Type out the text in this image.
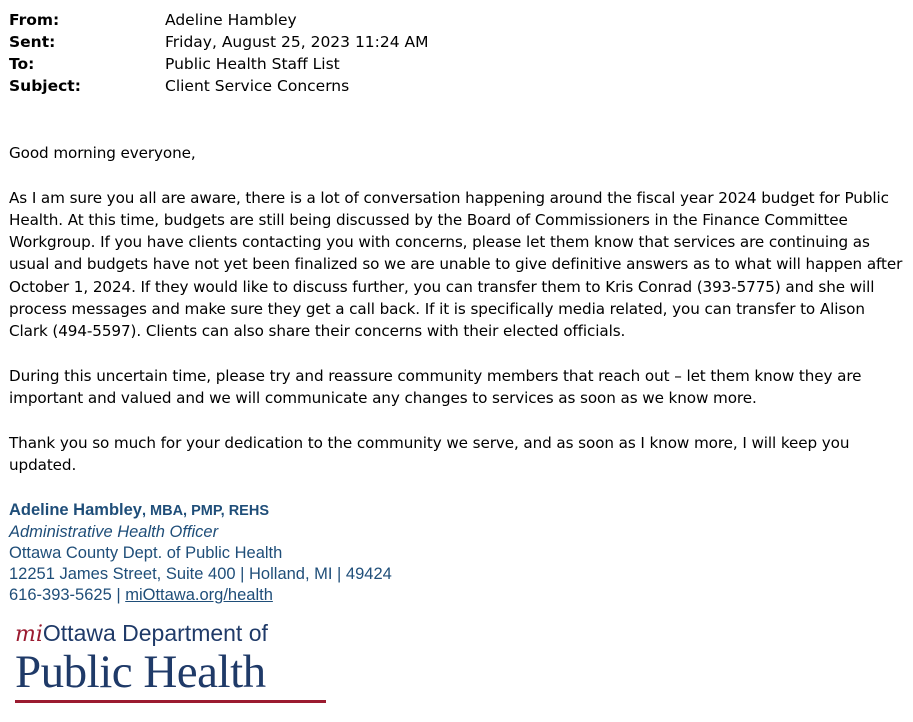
From:	Adeline Hambley
Sent:	Friday, August 25, 2023 11:24 AM
To:	Public Health Staff List
Subject:	Client Service Concerns

Good morning everyone,

As I am sure you all are aware, there is a lot of conversation happening around the fiscal year 2024 budget for Public Health. At this time, budgets are still being discussed by the Board of Commissioners in the Finance Committee Workgroup. If you have clients contacting you with concerns, please let them know that services are continuing as usual and budgets have not yet been finalized so we are unable to give definitive answers as to what will happen after October 1, 2024. If they would like to discuss further, you can transfer them to Kris Conrad (393-5775) and she will process messages and make sure they get a call back. If it is specifically media related, you can transfer to Alison Clark (494-5597). Clients can also share their concerns with their elected officials.

During this uncertain time, please try and reassure community members that reach out – let them know they are important and valued and we will communicate any changes to services as soon as we know more.

Thank you so much for your dedication to the community we serve, and as soon as I know more, I will keep you updated.

Adeline Hambley, MBA, PMP, REHS
Administrative Health Officer
Ottawa County Dept. of Public Health
12251 James Street, Suite 400 | Holland, MI | 49424
616-393-5625 | miOttawa.org/health
miOttawa Department of
Public Health
